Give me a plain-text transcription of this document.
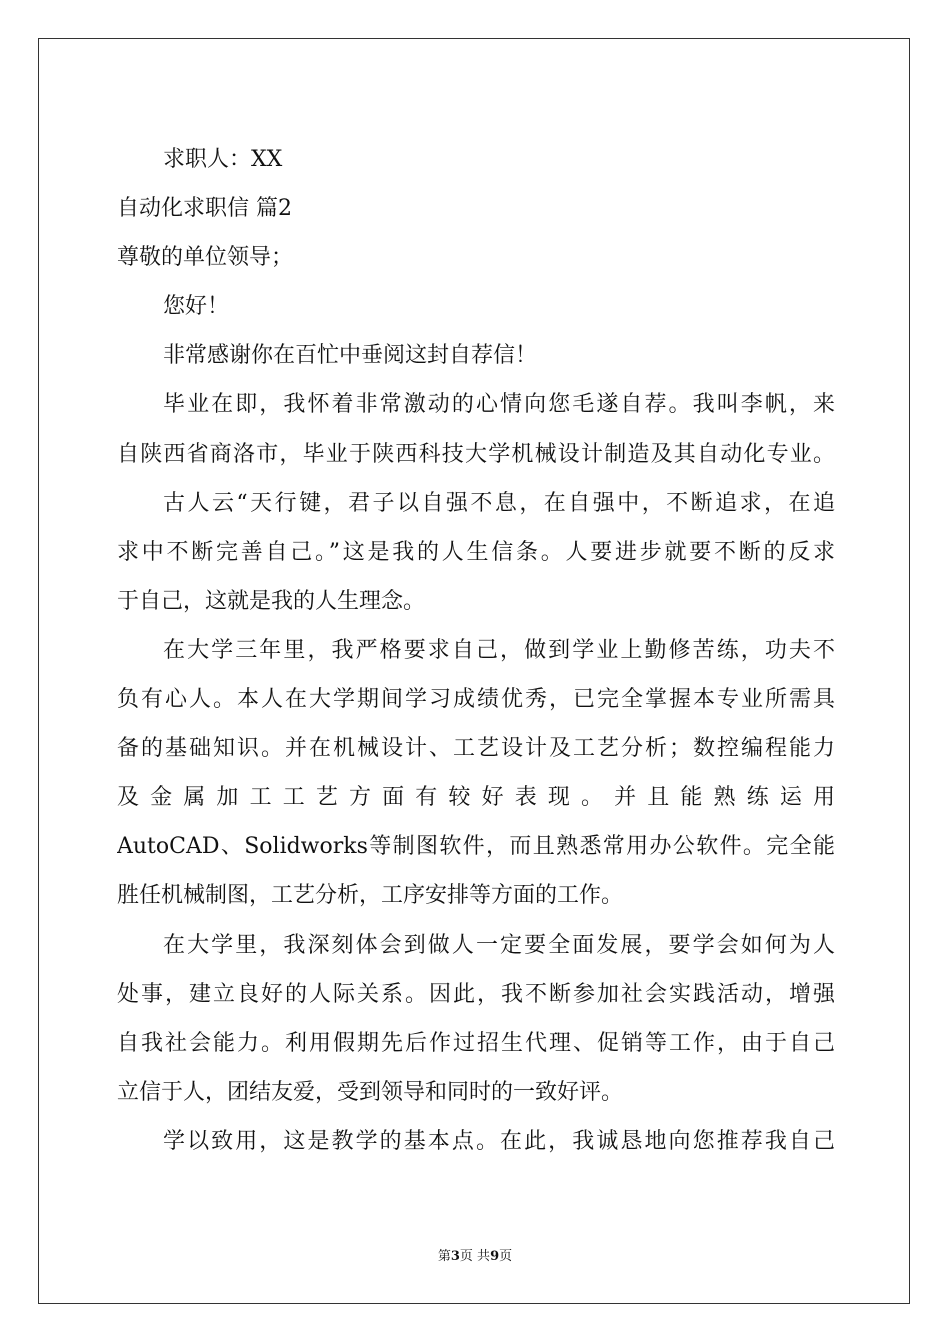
求职人：XX
自动化求职信 篇2
尊敬的单位领导；
您好！
非常感谢你在百忙中垂阅这封自荐信！
毕业在即，我怀着非常激动的心情向您毛遂自荐。我叫李帆，来
自陕西省商洛市，毕业于陕西科技大学机械设计制造及其自动化专业。
古人云“天行键，君子以自强不息，在自强中，不断追求，在追
求中不断完善自己。”这是我的人生信条。人要进步就要不断的反求
于自己，这就是我的人生理念。
在大学三年里，我严格要求自己，做到学业上勤修苦练，功夫不
负有心人。本人在大学期间学习成绩优秀，已完全掌握本专业所需具
备的基础知识。并在机械设计、工艺设计及工艺分析；数控编程能力
及金属加工工艺方面有较好表现。并且能熟练运用
AutoCAD、Solidworks等制图软件，而且熟悉常用办公软件。完全能
胜任机械制图，工艺分析，工序安排等方面的工作。
在大学里，我深刻体会到做人一定要全面发展，要学会如何为人
处事，建立良好的人际关系。因此，我不断参加社会实践活动，增强
自我社会能力。利用假期先后作过招生代理、促销等工作，由于自己
立信于人，团结友爱，受到领导和同时的一致好评。
学以致用，这是教学的基本点。在此，我诚恳地向您推荐我自己
第3页 共9页
